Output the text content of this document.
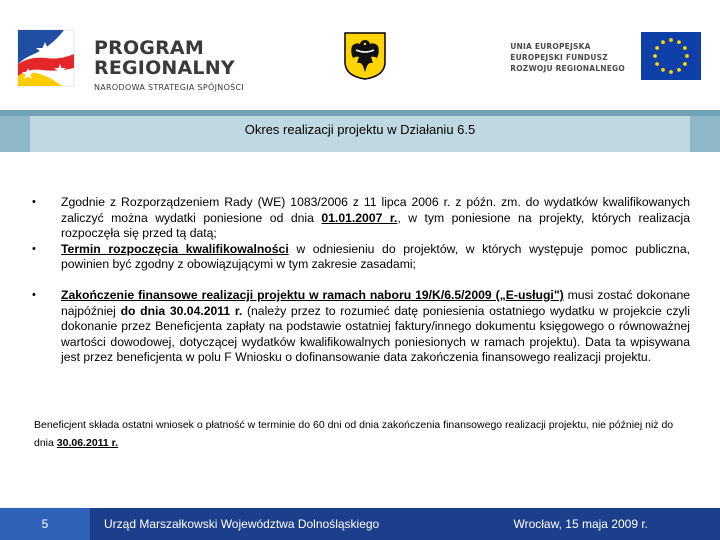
PROGRAM
REGIONALNY
NARODOWA STRATEGIA SPÓJNOŚCI
UNIA EUROPEJSKA
EUROPEJSKI FUNDUSZ
ROZWOJU REGIONALNEGO
Okres realizacji projektu w Działaniu 6.5
• Zgodnie z Rozporządzeniem Rady (WE) 1083/2006 z 11 lipca 2006 r. z późn. zm. do wydatków kwalifikowanych zaliczyć można wydatki poniesione od dnia 01.01.2007 r., w tym poniesione na projekty, których realizacja rozpoczęła się przed tą datą;
• Termin rozpoczęcia kwalifikowalności w odniesieniu do projektów, w których występuje pomoc publiczna, powinien być zgodny z obowiązującymi w tym zakresie zasadami;
• Zakończenie finansowe realizacji projektu w ramach naboru 19/K/6.5/2009 („E-usługi") musi zostać dokonane najpóźniej do dnia 30.04.2011 r. (należy przez to rozumieć datę poniesienia ostatniego wydatku w projekcie czyli dokonanie przez Beneficjenta zapłaty na podstawie ostatniej faktury/innego dokumentu księgowego o równoważnej wartości dowodowej, dotyczącej wydatków kwalifikowalnych poniesionych w ramach projektu). Data ta wpisywana jest przez beneficjenta w polu F Wniosku o dofinansowanie data zakończenia finansowego realizacji projektu.
Beneficjent składa ostatni wniosek o płatność w terminie do 60 dni od dnia zakończenia finansowego realizacji projektu, nie później niż do dnia 30.06.2011 r.
5	Urząd Marszałkowski Województwa Dolnośląskiego	Wrocław, 15 maja 2009 r.
